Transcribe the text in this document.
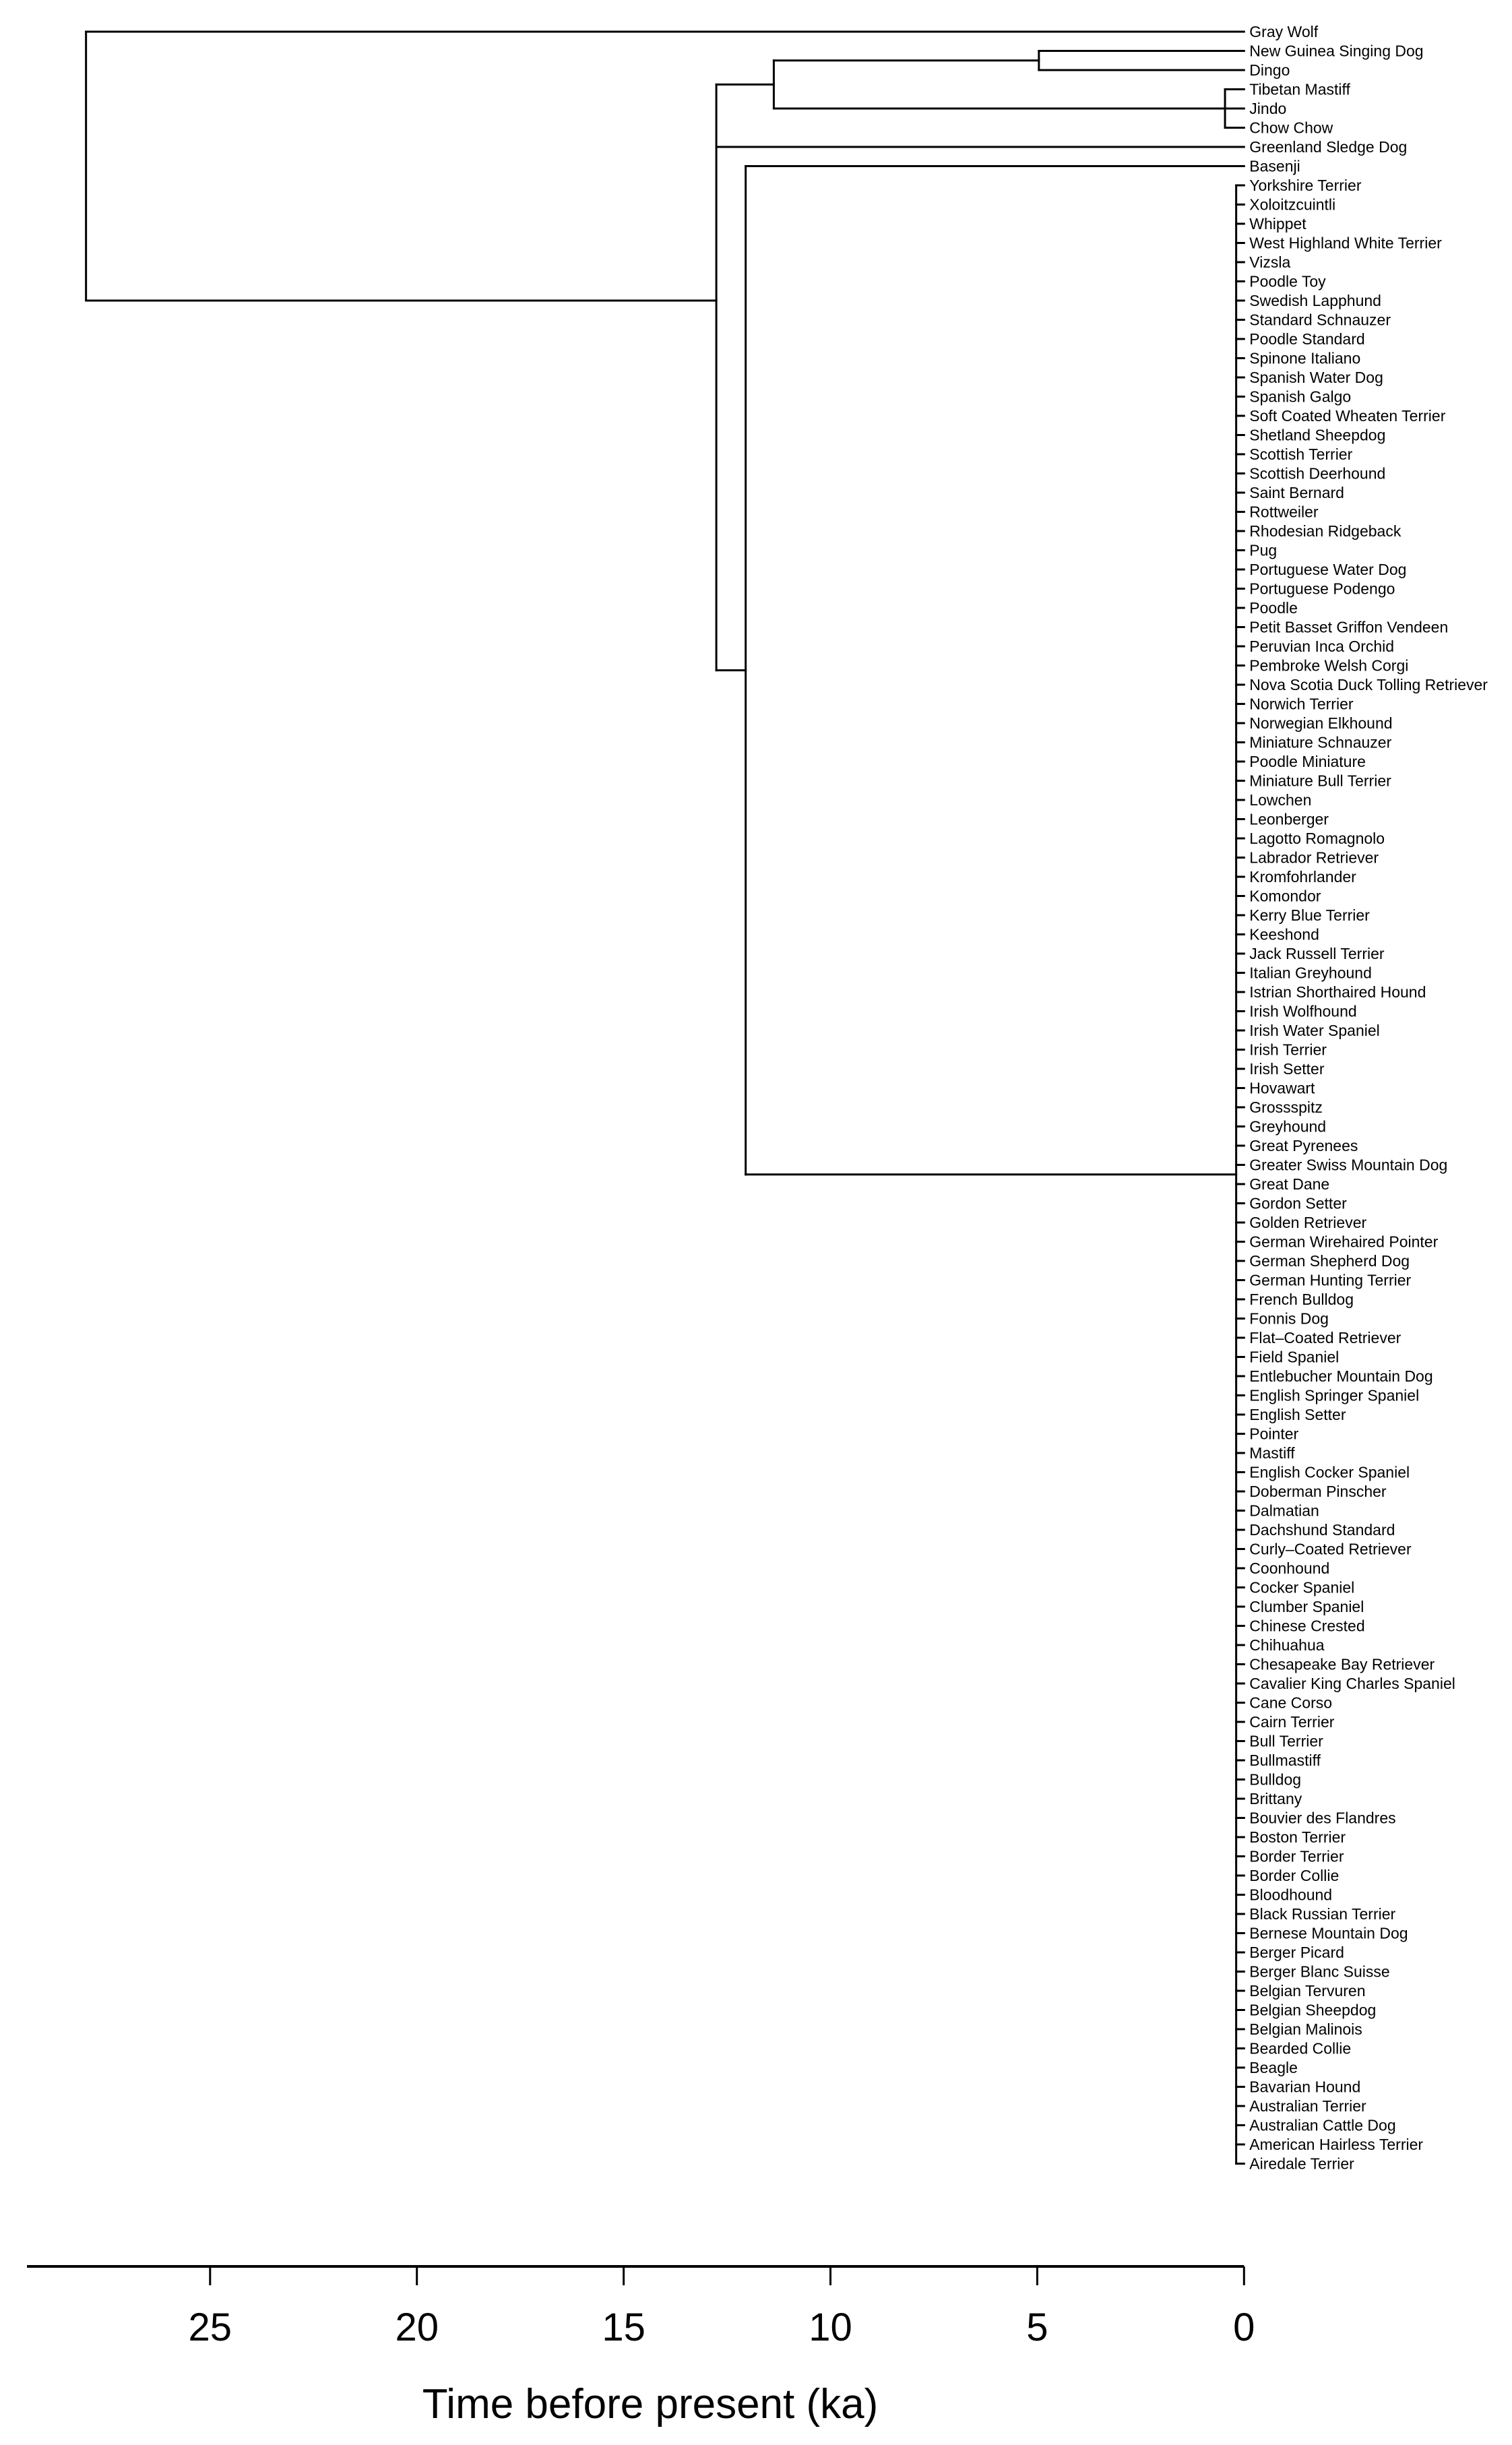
Gray Wolf
New Guinea Singing Dog
Dingo
Tibetan Mastiff
Jindo
Chow Chow
Greenland Sledge Dog
Basenji
Yorkshire Terrier
Xoloitzcuintli
Whippet
West Highland White Terrier
Vizsla
Poodle Toy
Swedish Lapphund
Standard Schnauzer
Poodle Standard
Spinone Italiano
Spanish Water Dog
Spanish Galgo
Soft Coated Wheaten Terrier
Shetland Sheepdog
Scottish Terrier
Scottish Deerhound
Saint Bernard
Rottweiler
Rhodesian Ridgeback
Pug
Portuguese Water Dog
Portuguese Podengo
Poodle
Petit Basset Griffon Vendeen
Peruvian Inca Orchid
Pembroke Welsh Corgi
Nova Scotia Duck Tolling Retriever
Norwich Terrier
Norwegian Elkhound
Miniature Schnauzer
Poodle Miniature
Miniature Bull Terrier
Lowchen
Leonberger
Lagotto Romagnolo
Labrador Retriever
Kromfohrlander
Komondor
Kerry Blue Terrier
Keeshond
Jack Russell Terrier
Italian Greyhound
Istrian Shorthaired Hound
Irish Wolfhound
Irish Water Spaniel
Irish Terrier
Irish Setter
Hovawart
Grossspitz
Greyhound
Great Pyrenees
Greater Swiss Mountain Dog
Great Dane
Gordon Setter
Golden Retriever
German Wirehaired Pointer
German Shepherd Dog
German Hunting Terrier
French Bulldog
Fonnis Dog
Flat–Coated Retriever
Field Spaniel
Entlebucher Mountain Dog
English Springer Spaniel
English Setter
Pointer
Mastiff
English Cocker Spaniel
Doberman Pinscher
Dalmatian
Dachshund Standard
Curly–Coated Retriever
Coonhound
Cocker Spaniel
Clumber Spaniel
Chinese Crested
Chihuahua
Chesapeake Bay Retriever
Cavalier King Charles Spaniel
Cane Corso
Cairn Terrier
Bull Terrier
Bullmastiff
Bulldog
Brittany
Bouvier des Flandres
Boston Terrier
Border Terrier
Border Collie
Bloodhound
Black Russian Terrier
Bernese Mountain Dog
Berger Picard
Berger Blanc Suisse
Belgian Tervuren
Belgian Sheepdog
Belgian Malinois
Bearded Collie
Beagle
Bavarian Hound
Australian Terrier
Australian Cattle Dog
American Hairless Terrier
Airedale Terrier
25	20	15	10	5	0
Time before present (ka)
